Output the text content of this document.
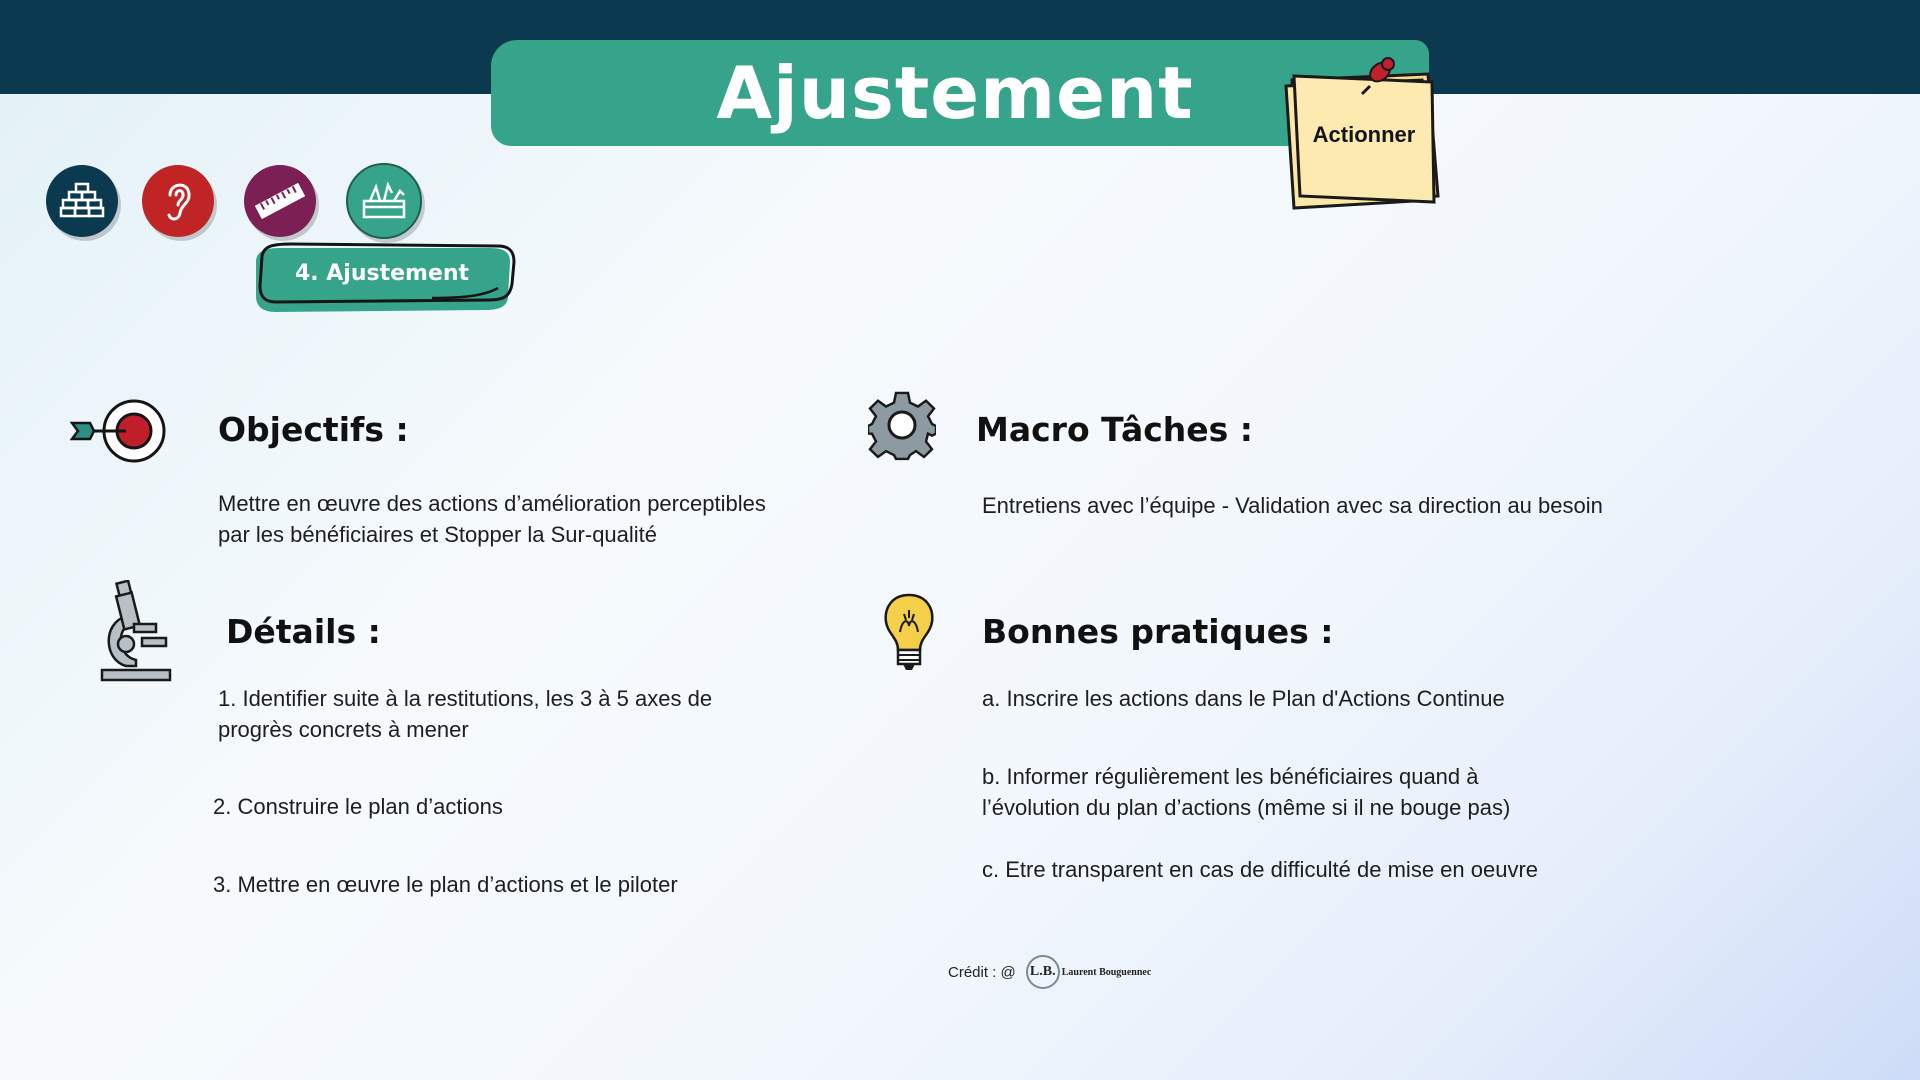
Ajustement	Actionner
4. Ajustement
Objectifs :
Mettre en œuvre des actions d’amélioration perceptibles
par les bénéficiaires et Stopper la Sur-qualité
Macro Tâches :
Entretiens avec l’équipe - Validation avec sa direction au besoin
Détails :
1. Identifier suite à la restitutions, les 3 à 5 axes de
progrès concrets à mener
2. Construire le plan d’actions
3. Mettre en œuvre le plan d’actions et le piloter
Bonnes pratiques :
a. Inscrire les actions dans le Plan d'Actions Continue
b. Informer régulièrement les bénéficiaires quand à
l’évolution du plan d’actions (même si il ne bouge pas)
c. Etre transparent en cas de difficulté de mise en oeuvre
Crédit : @ L.B. Laurent Bouguennec
